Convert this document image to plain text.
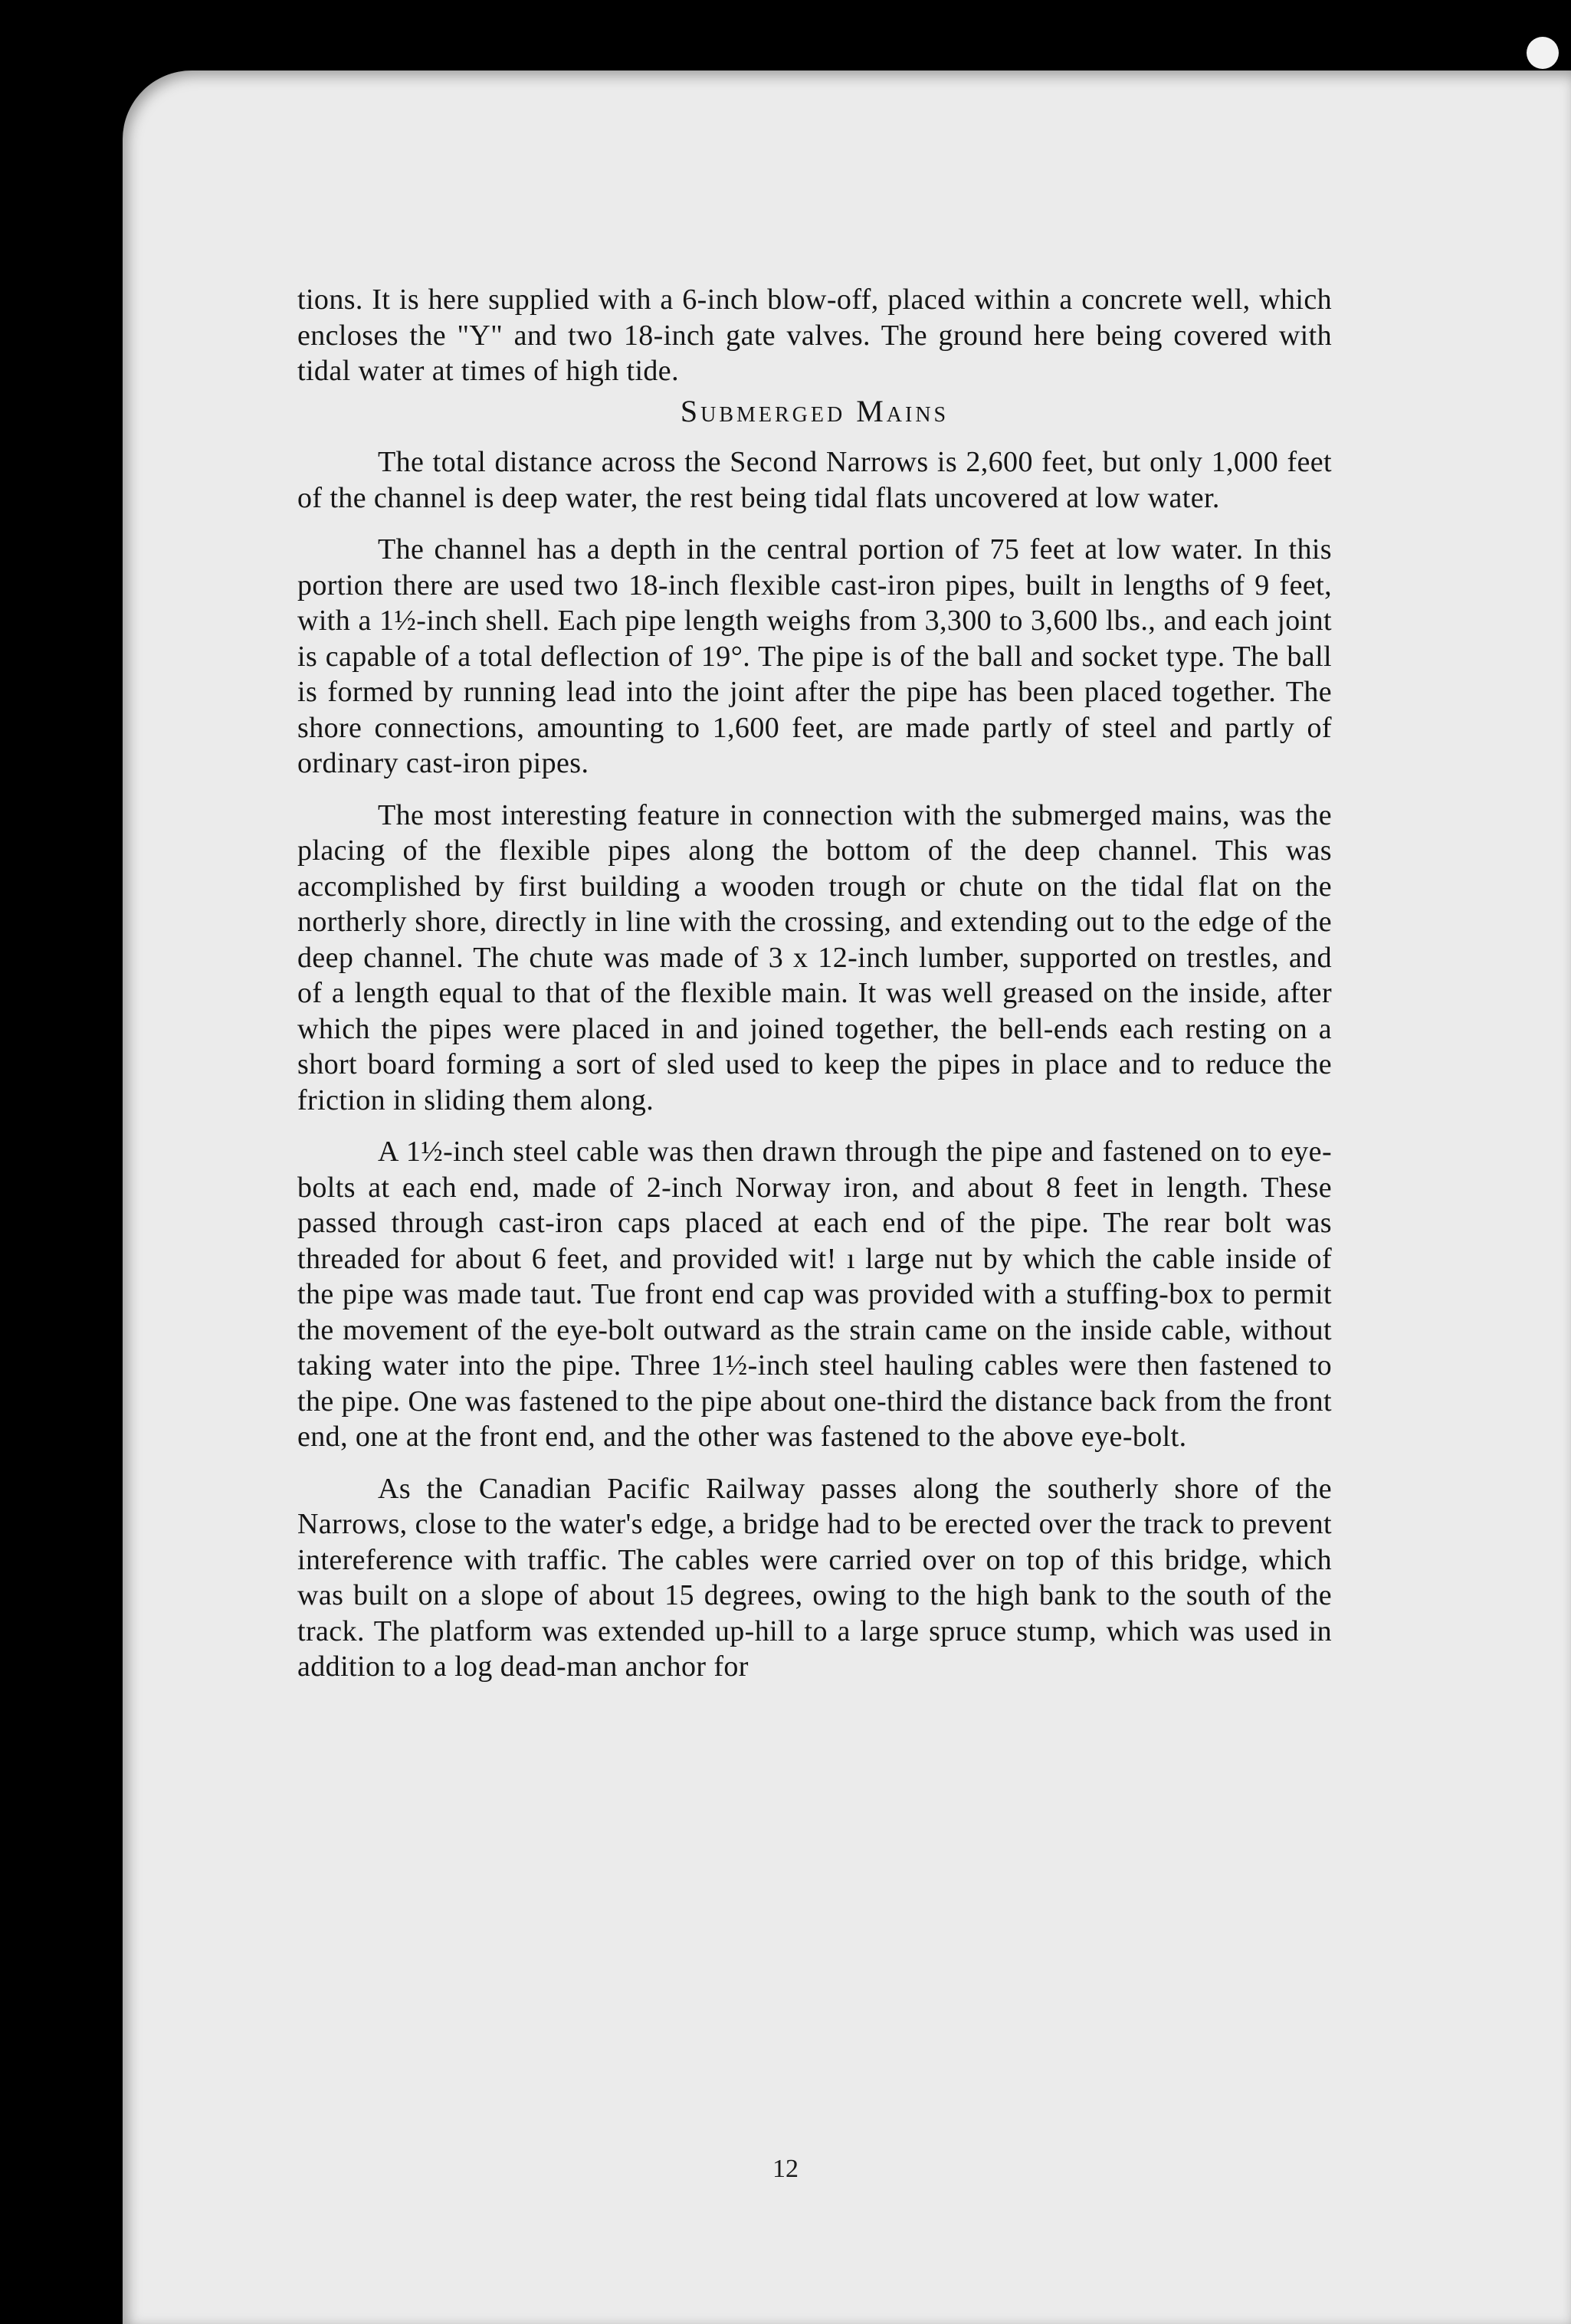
tions. It is here supplied with a 6-inch blow-off, placed within a concrete well, which encloses the "Y" and two 18-inch gate valves. The ground here being covered with tidal water at times of high tide.

Submerged Mains

The total distance across the Second Narrows is 2,600 feet, but only 1,000 feet of the channel is deep water, the rest being tidal flats uncovered at low water.

The channel has a depth in the central portion of 75 feet at low water. In this portion there are used two 18-inch flexible cast-iron pipes, built in lengths of 9 feet, with a 1½-inch shell. Each pipe length weighs from 3,300 to 3,600 lbs., and each joint is capable of a total deflection of 19°. The pipe is of the ball and socket type. The ball is formed by running lead into the joint after the pipe has been placed together. The shore connections, amounting to 1,600 feet, are made partly of steel and partly of ordinary cast-iron pipes.

The most interesting feature in connection with the submerged mains, was the placing of the flexible pipes along the bottom of the deep channel. This was accomplished by first building a wooden trough or chute on the tidal flat on the northerly shore, directly in line with the crossing, and extending out to the edge of the deep channel. The chute was made of 3 x 12-inch lumber, supported on trestles, and of a length equal to that of the flexible main. It was well greased on the inside, after which the pipes were placed in and joined together, the bell-ends each resting on a short board forming a sort of sled used to keep the pipes in place and to reduce the friction in sliding them along.

A 1½-inch steel cable was then drawn through the pipe and fastened on to eye-bolts at each end, made of 2-inch Norway iron, and about 8 feet in length. These passed through cast-iron caps placed at each end of the pipe. The rear bolt was threaded for about 6 feet, and provided wit! ı large nut by which the cable inside of the pipe was made taut. Tue front end cap was provided with a stuffing-box to permit the movement of the eye-bolt outward as the strain came on the inside cable, without taking water into the pipe. Three 1½-inch steel hauling cables were then fastened to the pipe. One was fastened to the pipe about one-third the distance back from the front end, one at the front end, and the other was fastened to the above eye-bolt.

As the Canadian Pacific Railway passes along the southerly shore of the Narrows, close to the water's edge, a bridge had to be erected over the track to prevent intereference with traffic. The cables were carried over on top of this bridge, which was built on a slope of about 15 degrees, owing to the high bank to the south of the track. The platform was extended up-hill to a large spruce stump, which was used in addition to a log dead-man anchor for

12
